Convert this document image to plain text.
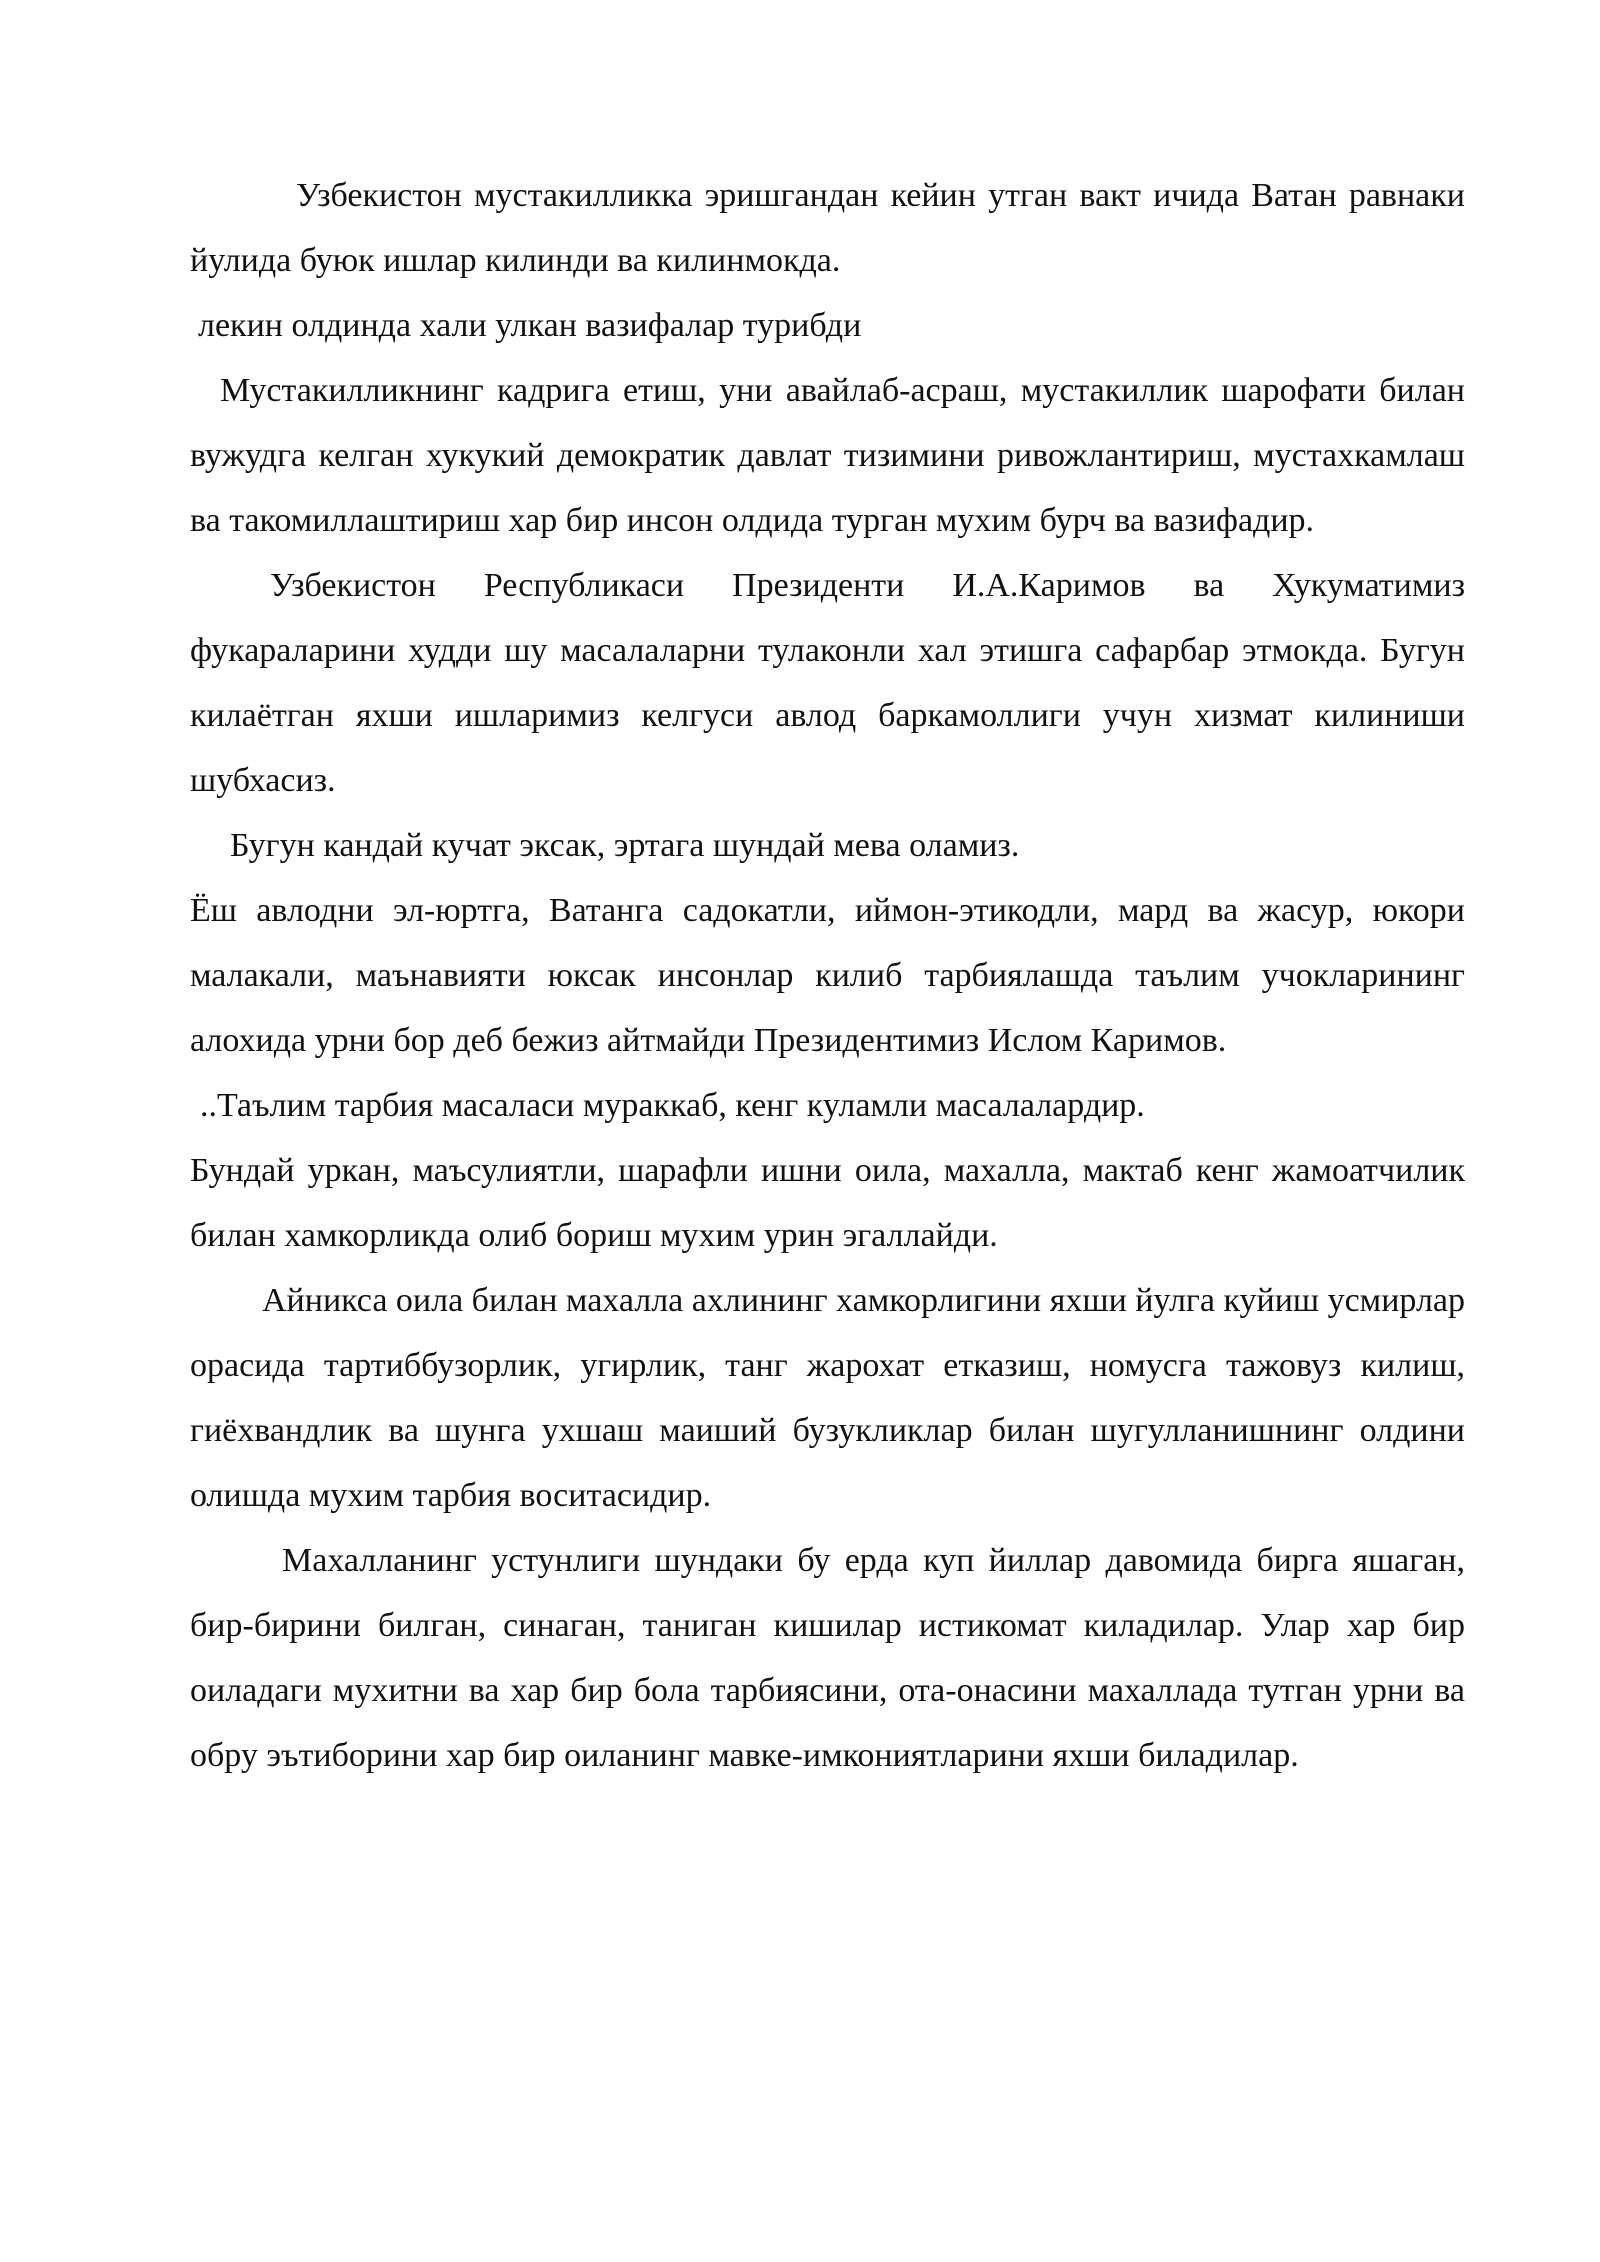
Узбекистон мустакилликка эришгандан кейин утган вакт ичида Ватан равнаки йулида буюк ишлар килинди ва килинмокда.

лекин олдинда хали улкан вазифалар турибди

Мустакилликнинг кадрига етиш, уни авайлаб-асраш, мустакиллик шарофати билан вужудга келган хукукий демократик давлат тизимини ривожлантириш, мустахкамлаш ва такомиллаштириш хар бир инсон олдида турган мухим бурч ва вазифадир.

Узбекистон Республикаси Президенти И.А.Каримов ва Хукуматимиз фукараларини худди шу масалаларни тулаконли хал этишга сафарбар этмокда. Бугун килаётган яхши ишларимиз келгуси авлод баркамоллиги учун хизмат килиниши шубхасиз.

Бугун кандай кучат эксак, эртага шундай мева оламиз.

Ёш авлодни эл-юртга, Ватанга садокатли, иймон-этикодли, мард ва жасур, юкори малакали, маънавияти юксак инсонлар килиб тарбиялашда таълим учокларининг алохида урни бор деб бежиз айтмайди Президентимиз Ислом Каримов.

..Таълим тарбия масаласи мураккаб, кенг куламли масалалардир.

Бундай уркан, маъсулиятли, шарафли ишни оила, махалла, мактаб кенг жамоатчилик билан хамкорликда олиб бориш мухим урин эгаллайди.

Айникса оила билан махалла ахлининг хамкорлигини яхши йулга куйиш усмирлар орасида тартиббузорлик, угирлик, танг жарохат етказиш, номусга тажовуз килиш, гиёхвандлик ва шунга ухшаш маиший бузукликлар билан шугулланишнинг олдини олишда мухим тарбия воситасидир.

Махалланинг устунлиги шундаки бу ерда куп йиллар давомида бирга яшаган, бир-бирини билган, синаган, таниган кишилар истикомат киладилар. Улар хар бир оиладаги мухитни ва хар бир бола тарбиясини, ота-онасини махаллада тутган урни ва обру эътиборини хар бир оиланинг мавке-имкониятларини яхши биладилар.
